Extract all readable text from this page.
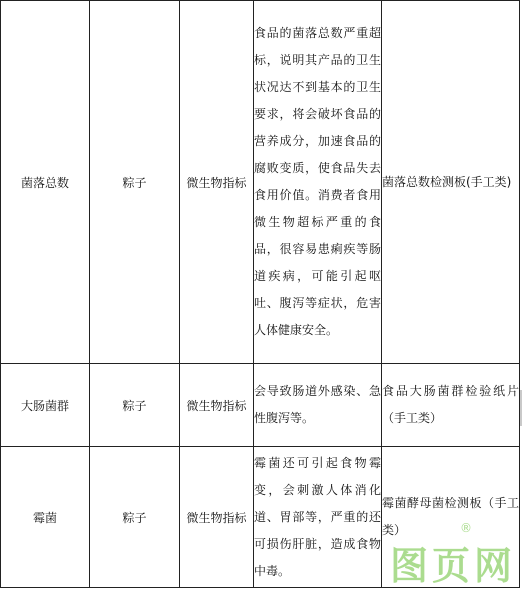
菌落总数	粽子	微生物指标	食品的菌落总数严重超标，说明其产品的卫生状况达不到基本的卫生要求，将会破坏食品的营养成分，加速食品的腐败变质，使食品失去食用价值。消费者食用微生物超标严重的食品，很容易患痢疾等肠道疾病，可能引起呕吐、腹泻等症状，危害人体健康安全。	菌落总数检测板(手工类)

大肠菌群	粽子	微生物指标	会导致肠道外感染、急性腹泻等。	食品大肠菌群检验纸片（手工类）

霉菌	粽子	微生物指标	霉菌还可引起食物霉变，会刺激人体消化道、胃部等，严重的还可损伤肝脏，造成食物中毒。	霉菌酵母菌检测板（手工类）
图页网
®
